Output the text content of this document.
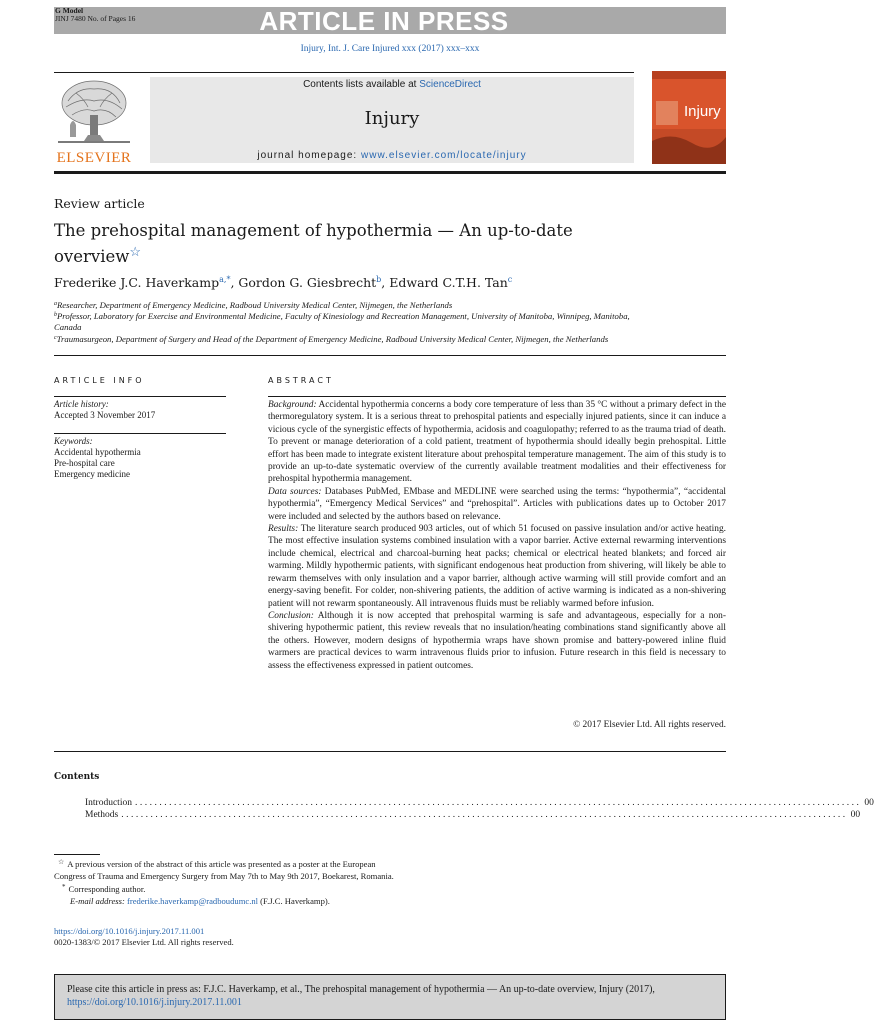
G Model
JINJ 7480 No. of Pages 16	ARTICLE IN PRESS
Injury, Int. J. Care Injured xxx (2017) xxx–xxx
ELSEVIER
Contents lists available at ScienceDirect
Injury
journal homepage: www.elsevier.com/locate/injury
Injury
Review article
The prehospital management of hypothermia — An up-to-date overview☆
Frederike J.C. Haverkamp$^{a,*}$, Gordon G. Giesbrecht$^b$, Edward C.T.H. Tan$^c$
$^a$Researcher, Department of Emergency Medicine, Radboud University Medical Center, Nijmegen, the Netherlands
$^b$Professor, Laboratory for Exercise and Environmental Medicine, Faculty of Kinesiology and Recreation Management, University of Manitoba, Winnipeg, Manitoba, Canada
$^c$Traumasurgeon, Department of Surgery and Head of the Department of Emergency Medicine, Radboud University Medical Center, Nijmegen, the Netherlands
ARTICLE INFO
Article history:
Accepted 3 November 2017
Keywords:
Accidental hypothermia
Pre-hospital care
Emergency medicine
ABSTRACT

Background: Accidental hypothermia concerns a body core temperature of less than 35 °C without a primary defect in the thermoregulatory system. It is a serious threat to prehospital patients and especially injured patients, since it can induce a vicious cycle of the synergistic effects of hypothermia, acidosis and coagulopathy; referred to as the trauma triad of death. To prevent or manage deterioration of a cold patient, treatment of hypothermia should ideally begin prehospital. Little effort has been made to integrate existent literature about prehospital temperature management. The aim of this study is to provide an up-to-date systematic overview of the currently available treatment modalities and their effectiveness for prehospital hypothermia management.

Data sources: Databases PubMed, EMbase and MEDLINE were searched using the terms: “hypothermia”, “accidental hypothermia”, “Emergency Medical Services” and “prehospital”. Articles with publications dates up to October 2017 were included and selected by the authors based on relevance.

Results: The literature search produced 903 articles, out of which 51 focused on passive insulation and/or active heating. The most effective insulation systems combined insulation with a vapor barrier. Active external rewarming interventions include chemical, electrical and charcoal-burning heat packs; chemical or electrical heated blankets; and forced air warming. Mildly hypothermic patients, with significant endogenous heat production from shivering, will likely be able to rewarm themselves with only insulation and a vapor barrier, although active warming will still provide comfort and an energy-saving benefit. For colder, non-shivering patients, the addition of active warming is indicated as a non-shivering patient will not rewarm spontaneously. All intravenous fluids must be reliably warmed before infusion.

Conclusion: Although it is now accepted that prehospital warming is safe and advantageous, especially for a non-shivering hypothermic patient, this review reveals that no insulation/heating combinations stand significantly above all the others. However, modern designs of hypothermia wraps have shown promise and battery-powered inline fluid warmers are practical devices to warm intravenous fluids prior to infusion. Future research in this field is necessary to assess the effectiveness expressed in patient outcomes.

© 2017 Elsevier Ltd. All rights reserved.
Contents
Introduction ..................................................................................................................................................... 00
Methods ..................................................................................................................................................... 00
☆ A previous version of the abstract of this article was presented as a poster at the European Congress of Trauma and Emergency Surgery from May 7th to May 9th 2017, Boekarest, Romania.
* Corresponding author.
E-mail address: frederike.haverkamp@radboudumc.nl (F.J.C. Haverkamp).
https://doi.org/10.1016/j.injury.2017.11.001
0020-1383/© 2017 Elsevier Ltd. All rights reserved.
Please cite this article in press as: F.J.C. Haverkamp, et al., The prehospital management of hypothermia — An up-to-date overview, Injury (2017), https://doi.org/10.1016/j.injury.2017.11.001
